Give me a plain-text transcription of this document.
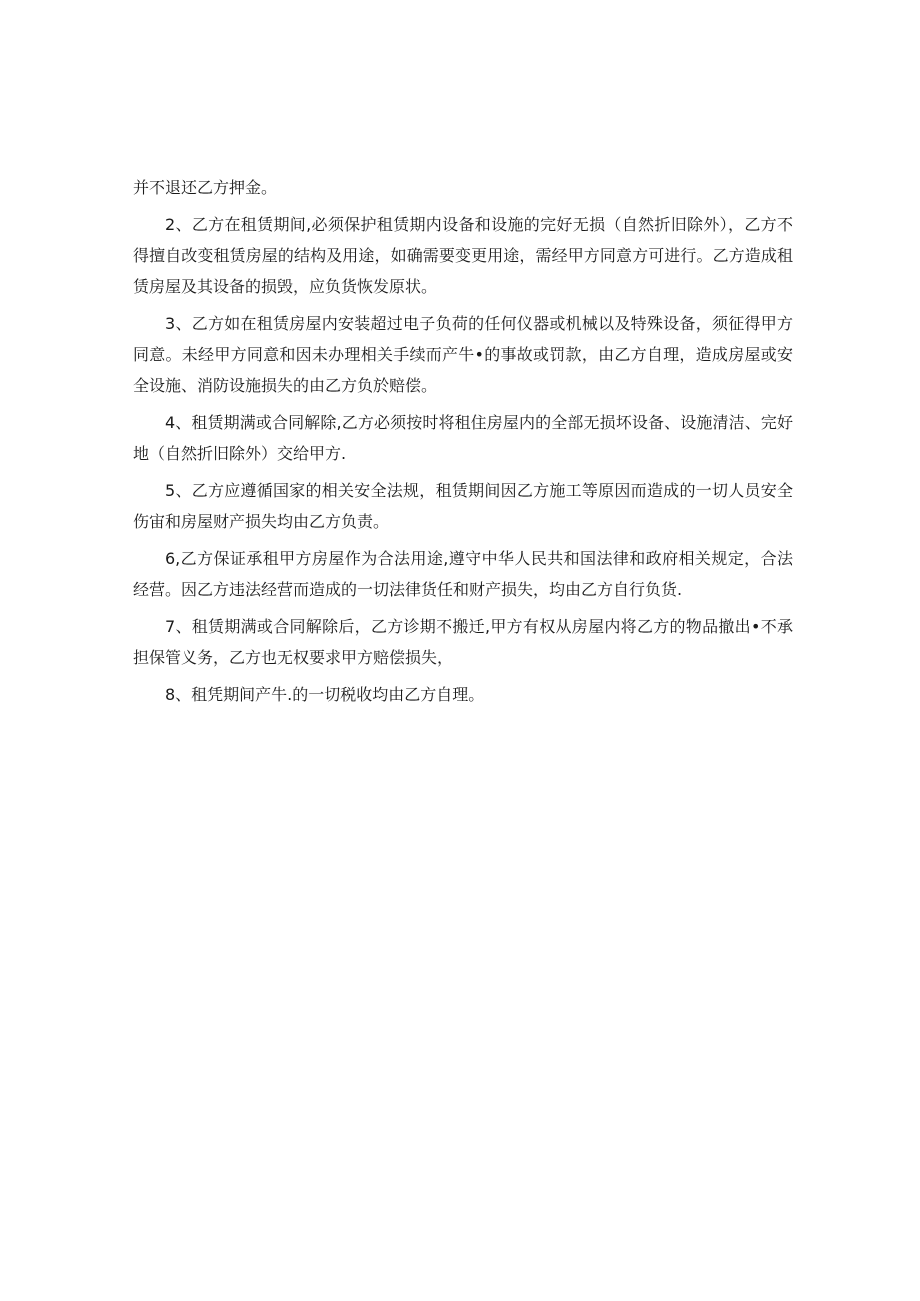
并不退还乙方押金。

2、乙方在租赁期间,必须保护租赁期内设备和设施的完好无损（自然折旧除外），乙方不得擅自改变租赁房屋的结构及用途，如确需要变更用途，需经甲方同意方可进行。乙方造成租赁房屋及其设备的损毁，应负货恢发原状。

3、乙方如在租赁房屋内安装超过电子负荷的任何仪器或机械以及特殊设备，须征得甲方同意。未经甲方同意和因未办理相关手续而产牛•的事故或罚款，由乙方自理，造成房屋或安全设施、消防设施损失的由乙方负於赔偿。

4、租赁期满或合同解除,乙方必须按时将租住房屋内的全部无损坏设备、设施清洁、完好地（自然折旧除外）交给甲方.

5、乙方应遵循国家的相关安全法规，租赁期间因乙方施工等原因而造成的一切人员安全伤宙和房屋财产损失均由乙方负责。

6,乙方保证承租甲方房屋作为合法用途,遵守中华人民共和国法律和政府相关规定，合法经营。因乙方违法经营而造成的一切法律货任和财产损失，均由乙方自行负货.

7、租赁期满或合同解除后，乙方诊期不搬迁,甲方有权从房屋内将乙方的物品撤出•不承担保管义务，乙方也无权要求甲方赔偿损失，

8、租凭期间产牛.的一切税收均由乙方自理。
